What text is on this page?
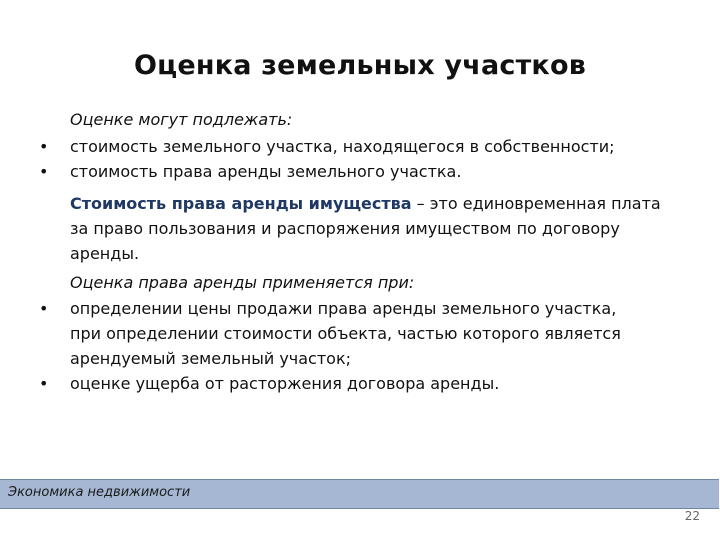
Оценка земельных участков
Оценке могут подлежать:
• стоимость земельного участка, находящегося в собственности;
• стоимость права аренды земельного участка.
Стоимость права аренды имущества – это единовременная плата
за право пользования и распоряжения имуществом по договору
аренды.
Оценка права аренды применяется при:
• определении цены продажи права аренды земельного участка,
при определении стоимости объекта, частью которого является
арендуемый земельный участок;
• оценке ущерба от расторжения договора аренды.
Экономика недвижимости
22
